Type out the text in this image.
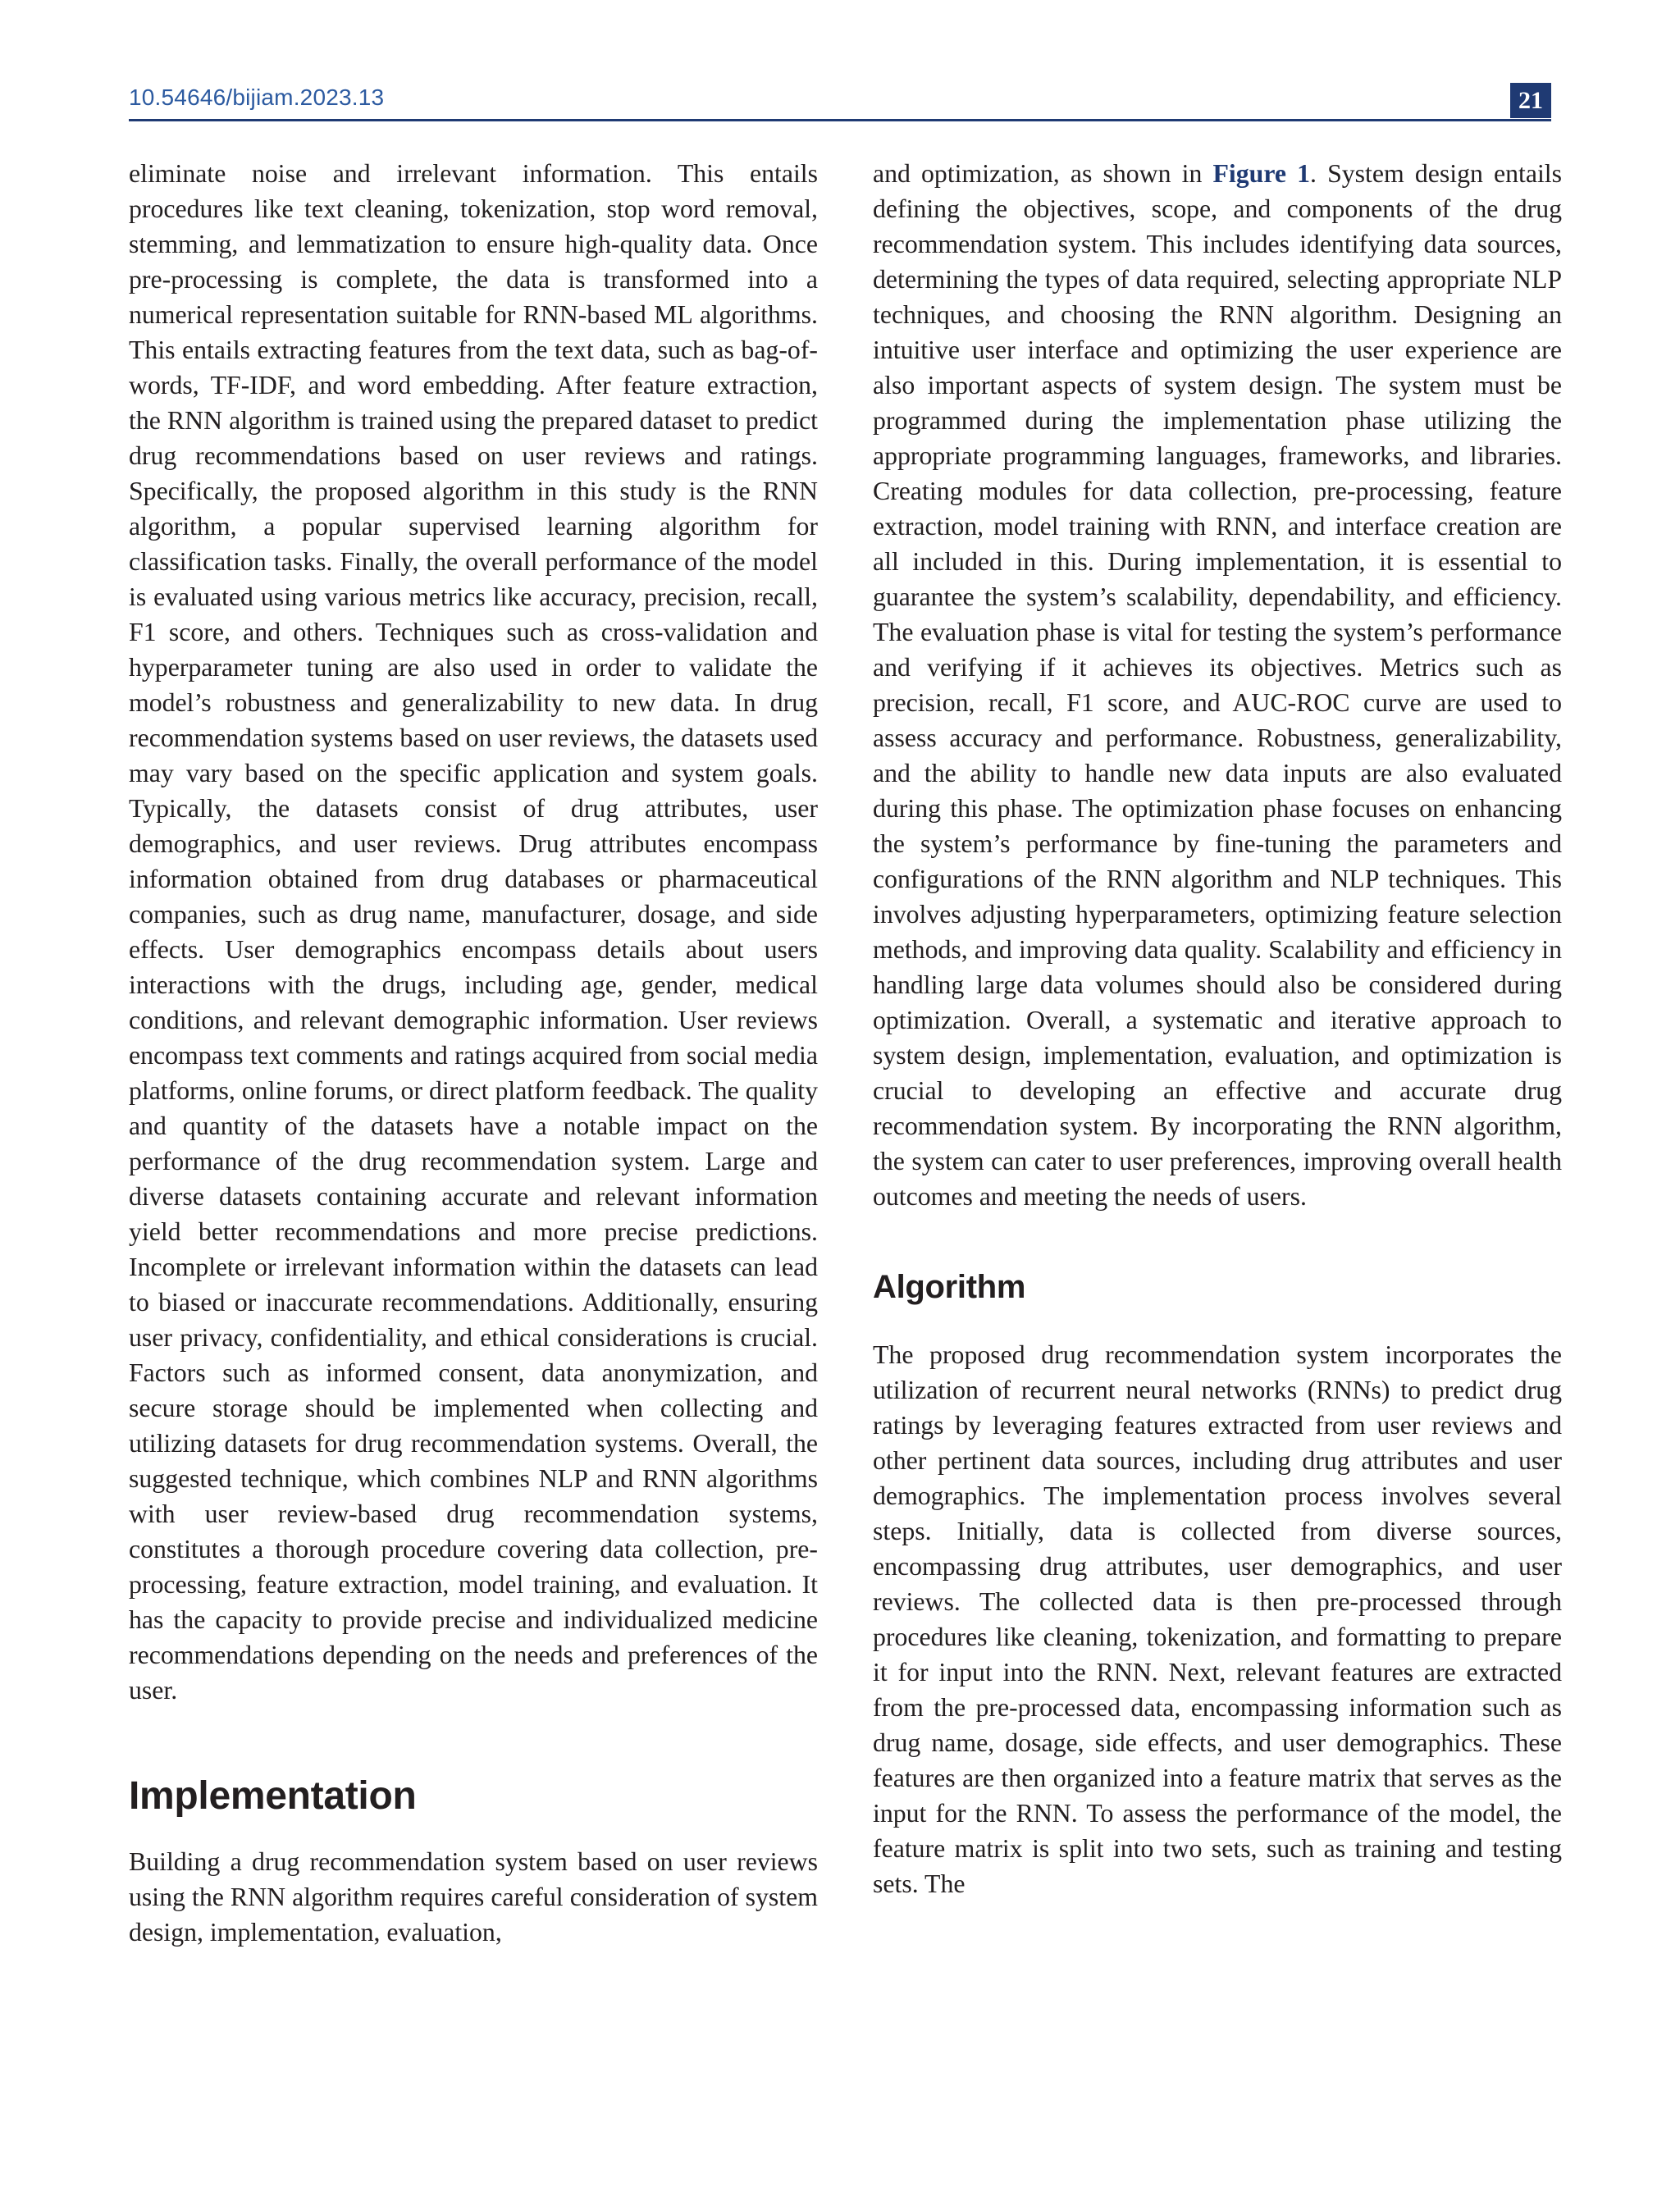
10.54646/bijiam.2023.13	21

eliminate noise and irrelevant information. This entails procedures like text cleaning, tokenization, stop word removal, stemming, and lemmatization to ensure high-quality data. Once pre-processing is complete, the data is transformed into a numerical representation suitable for RNN-based ML algorithms. This entails extracting features from the text data, such as bag-of-words, TF-IDF, and word embedding. After feature extraction, the RNN algorithm is trained using the prepared dataset to predict drug recommendations based on user reviews and ratings. Specifically, the proposed algorithm in this study is the RNN algorithm, a popular supervised learning algorithm for classification tasks. Finally, the overall performance of the model is evaluated using various metrics like accuracy, precision, recall, F1 score, and others. Techniques such as cross-validation and hyperparameter tuning are also used in order to validate the model’s robustness and generalizability to new data. In drug recommendation systems based on user reviews, the datasets used may vary based on the specific application and system goals. Typically, the datasets consist of drug attributes, user demographics, and user reviews. Drug attributes encompass information obtained from drug databases or pharmaceutical companies, such as drug name, manufacturer, dosage, and side effects. User demographics encompass details about users interactions with the drugs, including age, gender, medical conditions, and relevant demographic information. User reviews encompass text comments and ratings acquired from social media platforms, online forums, or direct platform feedback. The quality and quantity of the datasets have a notable impact on the performance of the drug recommendation system. Large and diverse datasets containing accurate and relevant information yield better recommendations and more precise predictions. Incomplete or irrelevant information within the datasets can lead to biased or inaccurate recommendations. Additionally, ensuring user privacy, confidentiality, and ethical considerations is crucial. Factors such as informed consent, data anonymization, and secure storage should be implemented when collecting and utilizing datasets for drug recommendation systems. Overall, the suggested technique, which combines NLP and RNN algorithms with user review-based drug recommendation systems, constitutes a thorough procedure covering data collection, pre-processing, feature extraction, model training, and evaluation. It has the capacity to provide precise and individualized medicine recommendations depending on the needs and preferences of the user.

Implementation

Building a drug recommendation system based on user reviews using the RNN algorithm requires careful consideration of system design, implementation, evaluation,

and optimization, as shown in Figure 1. System design entails defining the objectives, scope, and components of the drug recommendation system. This includes identifying data sources, determining the types of data required, selecting appropriate NLP techniques, and choosing the RNN algorithm. Designing an intuitive user interface and optimizing the user experience are also important aspects of system design. The system must be programmed during the implementation phase utilizing the appropriate programming languages, frameworks, and libraries. Creating modules for data collection, pre-processing, feature extraction, model training with RNN, and interface creation are all included in this. During implementation, it is essential to guarantee the system’s scalability, dependability, and efficiency. The evaluation phase is vital for testing the system’s performance and verifying if it achieves its objectives. Metrics such as precision, recall, F1 score, and AUC-ROC curve are used to assess accuracy and performance. Robustness, generalizability, and the ability to handle new data inputs are also evaluated during this phase. The optimization phase focuses on enhancing the system’s performance by fine-tuning the parameters and configurations of the RNN algorithm and NLP techniques. This involves adjusting hyperparameters, optimizing feature selection methods, and improving data quality. Scalability and efficiency in handling large data volumes should also be considered during optimization. Overall, a systematic and iterative approach to system design, implementation, evaluation, and optimization is crucial to developing an effective and accurate drug recommendation system. By incorporating the RNN algorithm, the system can cater to user preferences, improving overall health outcomes and meeting the needs of users.

Algorithm

The proposed drug recommendation system incorporates the utilization of recurrent neural networks (RNNs) to predict drug ratings by leveraging features extracted from user reviews and other pertinent data sources, including drug attributes and user demographics. The implementation process involves several steps. Initially, data is collected from diverse sources, encompassing drug attributes, user demographics, and user reviews. The collected data is then pre-processed through procedures like cleaning, tokenization, and formatting to prepare it for input into the RNN. Next, relevant features are extracted from the pre-processed data, encompassing information such as drug name, dosage, side effects, and user demographics. These features are then organized into a feature matrix that serves as the input for the RNN. To assess the performance of the model, the feature matrix is split into two sets, such as training and testing sets. The
